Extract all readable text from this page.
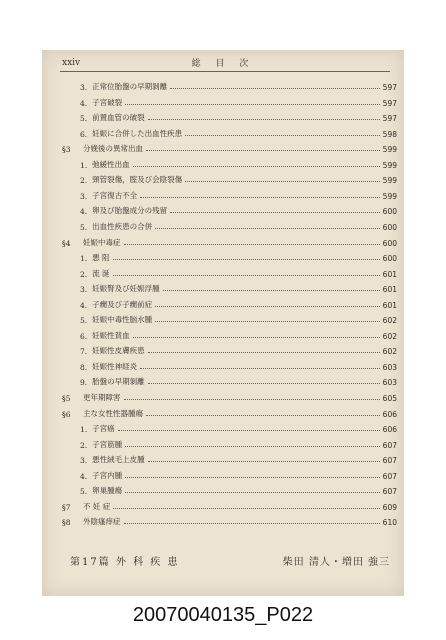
xxiv	総 目 次
3. 正常位胎盤の早期剝離	597
4. 子宮破裂	597
5. 前置血管の破裂	597
6. 妊娠に合併した出血性疾患	598
§3	分娩後の異常出血	599
1. 弛緩性出血	599
2. 頸管裂傷，腟及び会陰裂傷	599
3. 子宮復古不全	599
4. 卵及び胎盤成分の残留	600
5. 出血性疾患の合併	600
§4	妊娠中毒症	600
1. 悪 阻	600
2. 流 涎	601
3. 妊娠腎及び妊娠浮腫	601
4. 子癇及び子癇前症	601
5. 妊娠中毒性脑水腫	602
6. 妊娠性貧血	602
7. 妊娠性皮膚疾患	602
8. 妊娠性神経炎	603
9. 胎盤の早期剝離	603
§5	更年期障害	605
§6	主な女性性器腫瘍	606
1. 子宮癌	606
2. 子宮筋腫	607
3. 悪性絨毛上皮腫	607
4. 子宮内腫	607
5. 卵巣腫瘍	607
§7	不 妊 症	609
§8	外陰瘙痒症	610
第17篇 外 科 疾 患	柴田 清人・増田 強三
20070040135_P022
